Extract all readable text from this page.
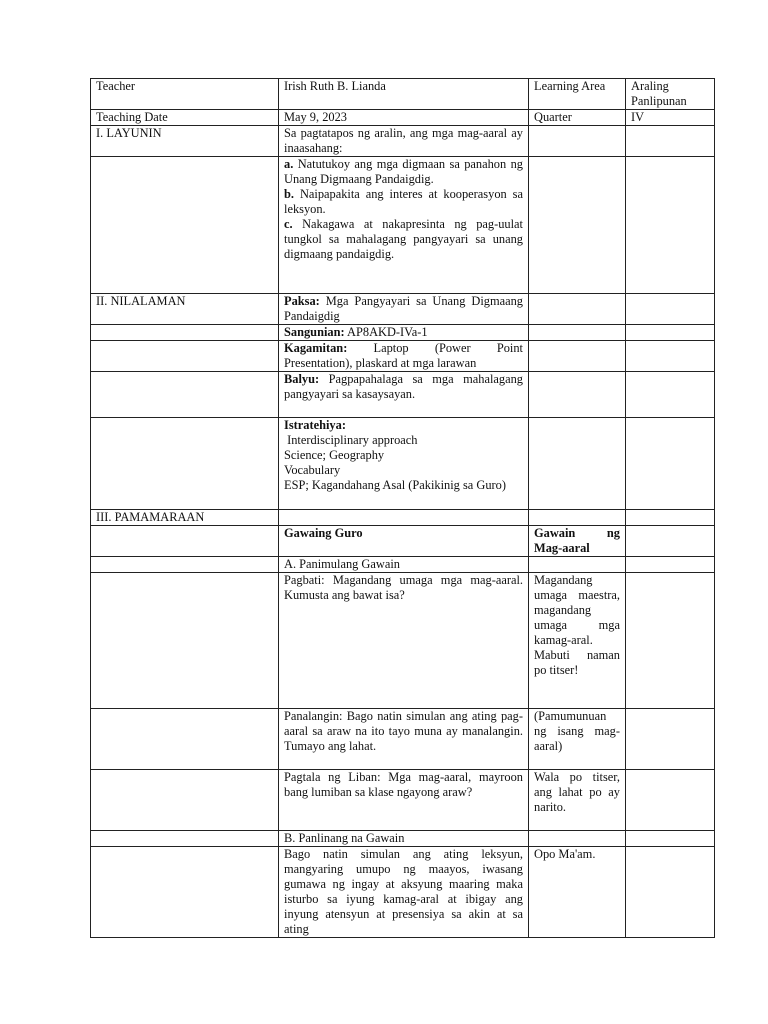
Teacher	Irish Ruth B. Lianda	Learning Area	Araling Panlipunan
Teaching Date	May 9, 2023	Quarter	IV
I. LAYUNIN	Sa pagtatapos ng aralin, ang mga mag-aaral ay inaasahang:		

	a. Natutukoy ang mga digmaan sa panahon ng Unang Digmaang Pandaigdig.
b. Naipapakita ang interes at kooperasyon sa leksyon.
c. Nakagawa at nakapresinta ng pag-uulat tungkol sa mahalagang pangyayari sa unang digmaang pandaigdig.		

II. NILALAMAN	Paksa: Mga Pangyayari sa Unang Digmaang Pandaigdig		
	Sangunian: AP8AKD-IVa-1		
	Kagamitan: Laptop (Power Point Presentation), plaskard at mga larawan		
	Balyu: Pagpapahalaga sa mga mahalagang pangyayari sa kasaysayan.		

	Istratehiya:
Interdisciplinary approach
Science; Geography
Vocabulary
ESP; Kagandahang Asal (Pakikinig sa Guro)		

III. PAMAMARAAN			
	Gawaing Guro	Gawain ng Mag-aaral	
	A. Panimulang Gawain		
	Pagbati: Magandang umaga mga mag-aaral. Kumusta ang bawat isa?	Magandang umaga maestra, magandang umaga mga kamag-aral. Mabuti naman po titser!	
	Panalangin: Bago natin simulan ang ating pag-aaral sa araw na ito tayo muna ay manalangin. Tumayo ang lahat.	(Pamumunuan ng isang mag-aaral)	
	Pagtala ng Liban: Mga mag-aaral, mayroon bang lumiban sa klase ngayong araw?	Wala po titser, ang lahat po ay narito.	
	B. Panlinang na Gawain		

	Bago natin simulan ang ating leksyun, mangyaring umupo ng maayos, iwasang gumawa ng ingay at aksyung maaring maka isturbo sa iyung kamag-aral at ibigay ang inyung atensyun at presensiya sa akin at sa ating	Opo Ma'am.	
